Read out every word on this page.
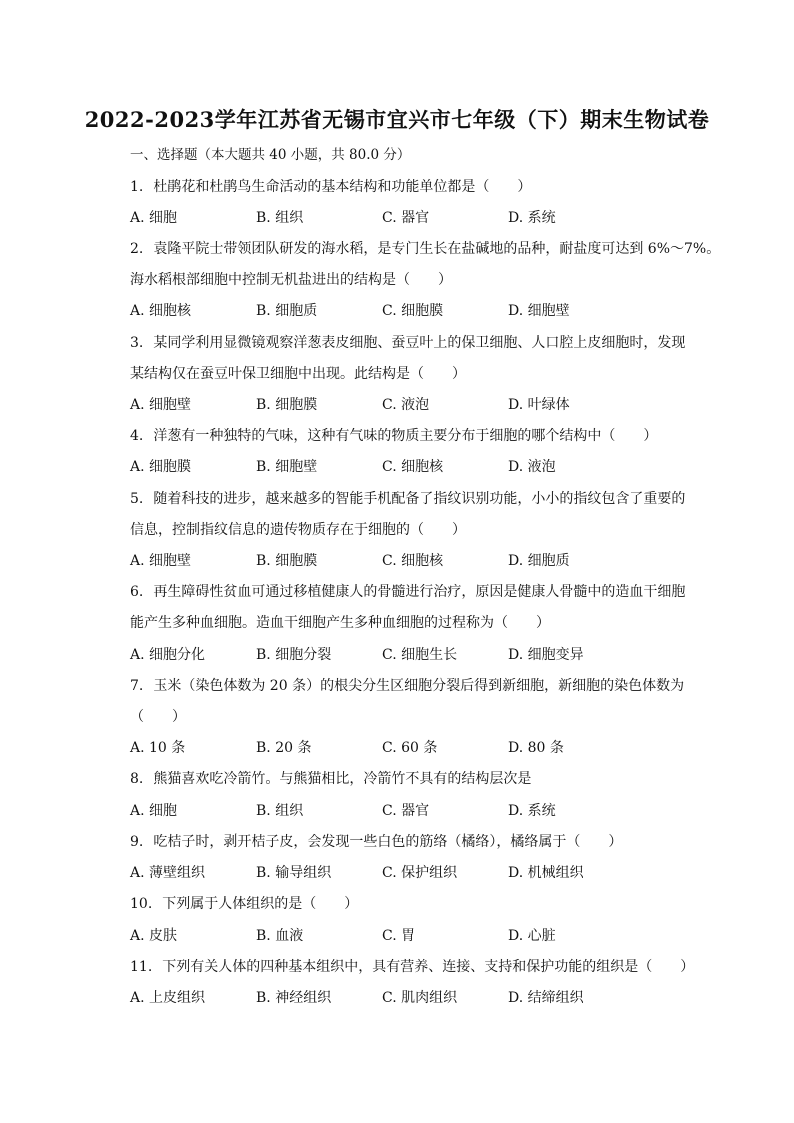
2022-2023学年江苏省无锡市宜兴市七年级（下）期末生物试卷
一、选择题（本大题共 40 小题，共 80.0 分）
1. 杜鹃花和杜鹃鸟生命活动的基本结构和功能单位都是（　　）
A. 细胞	B. 组织	C. 器官	D. 系统
2. 袁隆平院士带领团队研发的海水稻，是专门生长在盐碱地的品种，耐盐度可达到 6%～7%。
海水稻根部细胞中控制无机盐进出的结构是（　　）
A. 细胞核	B. 细胞质	C. 细胞膜	D. 细胞壁
3. 某同学利用显微镜观察洋葱表皮细胞、蚕豆叶上的保卫细胞、人口腔上皮细胞时，发现
某结构仅在蚕豆叶保卫细胞中出现。此结构是（　　）
A. 细胞壁	B. 细胞膜	C. 液泡	D. 叶绿体
4. 洋葱有一种独特的气味，这种有气味的物质主要分布于细胞的哪个结构中（　　）
A. 细胞膜	B. 细胞壁	C. 细胞核	D. 液泡
5. 随着科技的进步，越来越多的智能手机配备了指纹识别功能，小小的指纹包含了重要的
信息，控制指纹信息的遗传物质存在于细胞的（　　）
A. 细胞壁	B. 细胞膜	C. 细胞核	D. 细胞质
6. 再生障碍性贫血可通过移植健康人的骨髓进行治疗，原因是健康人骨髓中的造血干细胞
能产生多种血细胞。造血干细胞产生多种血细胞的过程称为（　　）
A. 细胞分化	B. 细胞分裂	C. 细胞生长	D. 细胞变异
7. 玉米（染色体数为 20 条）的根尖分生区细胞分裂后得到新细胞，新细胞的染色体数为
（　　）
A. 10 条	B. 20 条	C. 60 条	D. 80 条
8. 熊猫喜欢吃冷箭竹。与熊猫相比，冷箭竹不具有的结构层次是
A. 细胞	B. 组织	C. 器官	D. 系统
9. 吃桔子时，剥开桔子皮，会发现一些白色的筋络（橘络），橘络属于（　　）
A. 薄壁组织	B. 输导组织	C. 保护组织	D. 机械组织
10. 下列属于人体组织的是（　　）
A. 皮肤	B. 血液	C. 胃	D. 心脏
11. 下列有关人体的四种基本组织中，具有营养、连接、支持和保护功能的组织是（　　）
A. 上皮组织	B. 神经组织	C. 肌肉组织	D. 结缔组织
